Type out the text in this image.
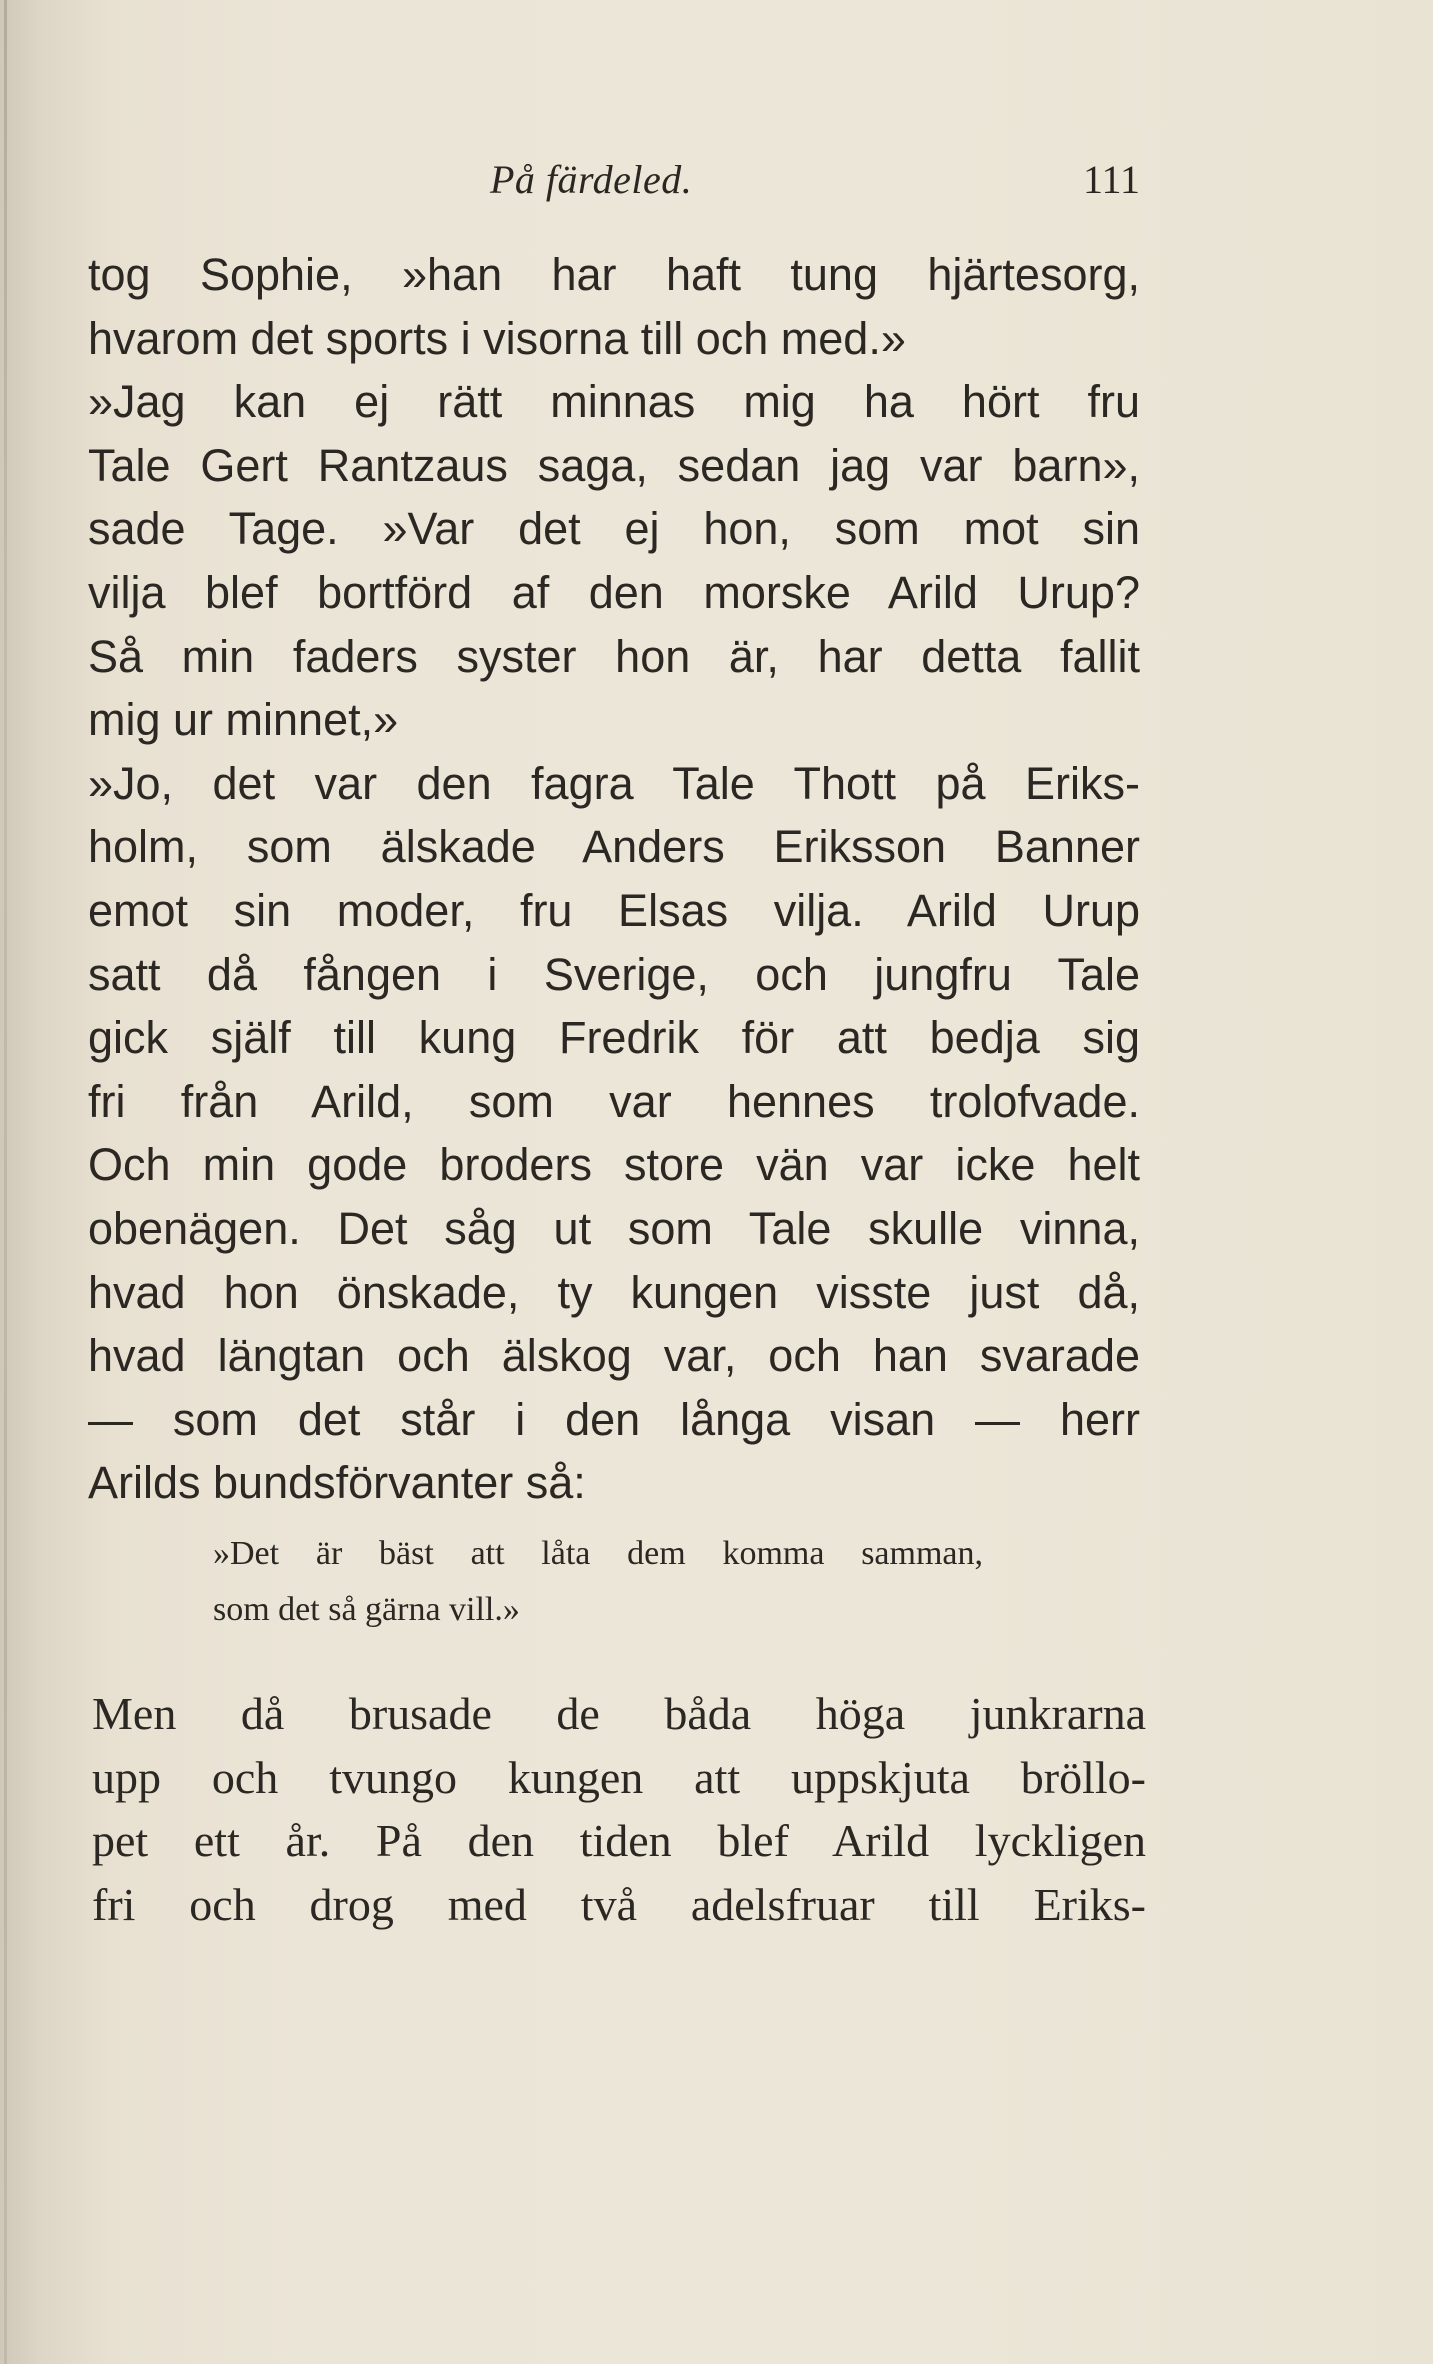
På färdeled.	111
tog Sophie, »han har haft tung hjärtesorg,
hvarom det sports i visorna till och med.»
»Jag kan ej rätt minnas mig ha hört fru
Tale Gert Rantzaus saga, sedan jag var barn»,
sade Tage. »Var det ej hon, som mot sin
vilja blef bortförd af den morske Arild Urup?
Så min faders syster hon är, har detta fallit
mig ur minnet,»
»Jo, det var den fagra Tale Thott på Eriks-
holm, som älskade Anders Eriksson Banner
emot sin moder, fru Elsas vilja. Arild Urup
satt då fången i Sverige, och jungfru Tale
gick själf till kung Fredrik för att bedja sig
fri från Arild, som var hennes trolofvade.
Och min gode broders store vän var icke helt
obenägen. Det såg ut som Tale skulle vinna,
hvad hon önskade, ty kungen visste just då,
hvad längtan och älskog var, och han svarade
— som det står i den långa visan — herr
Arilds bundsförvanter så:
»Det är bäst att låta dem komma samman,
som det så gärna vill.»
Men då brusade de båda höga junkrarna
upp och tvungo kungen att uppskjuta bröllo-
pet ett år. På den tiden blef Arild lyckligen
fri och drog med två adelsfruar till Eriks-
